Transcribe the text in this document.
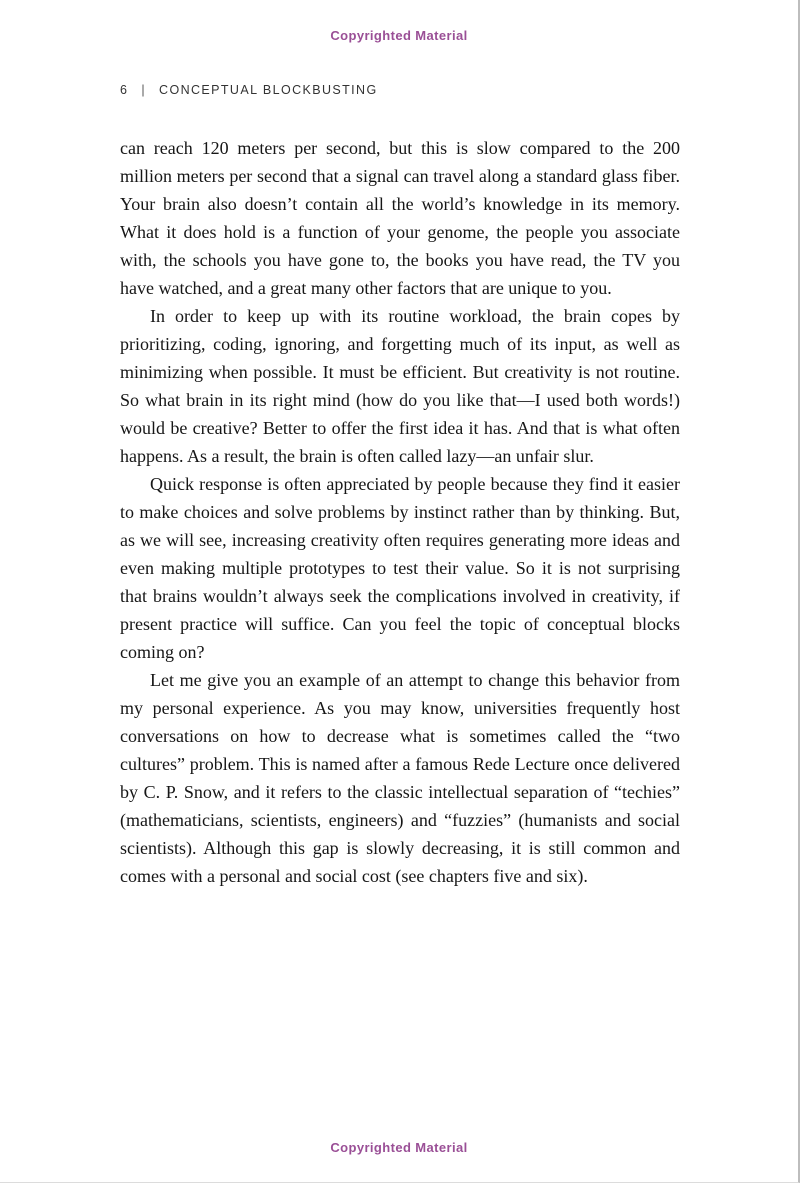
Copyrighted Material
6 | CONCEPTUAL BLOCKBUSTING

can reach 120 meters per second, but this is slow compared to the 200 million meters per second that a signal can travel along a standard glass fiber. Your brain also doesn’t contain all the world’s knowledge in its memory. What it does hold is a function of your genome, the people you associate with, the schools you have gone to, the books you have read, the TV you have watched, and a great many other factors that are unique to you.

In order to keep up with its routine workload, the brain copes by prioritizing, coding, ignoring, and forgetting much of its input, as well as minimizing when possible. It must be efficient. But creativity is not routine. So what brain in its right mind (how do you like that—I used both words!) would be creative? Better to offer the first idea it has. And that is what often happens. As a result, the brain is often called lazy—an unfair slur.

Quick response is often appreciated by people because they find it easier to make choices and solve problems by instinct rather than by thinking. But, as we will see, increasing creativity often requires generating more ideas and even making multiple prototypes to test their value. So it is not surprising that brains wouldn’t always seek the complications involved in creativity, if present practice will suffice. Can you feel the topic of conceptual blocks coming on?

Let me give you an example of an attempt to change this behavior from my personal experience. As you may know, universities frequently host conversations on how to decrease what is sometimes called the “two cultures” problem. This is named after a famous Rede Lecture once delivered by C. P. Snow, and it refers to the classic intellectual separation of “techies” (mathematicians, scientists, engineers) and “fuzzies” (humanists and social scientists). Although this gap is slowly decreasing, it is still common and comes with a personal and social cost (see chapters five and six).

Copyrighted Material
